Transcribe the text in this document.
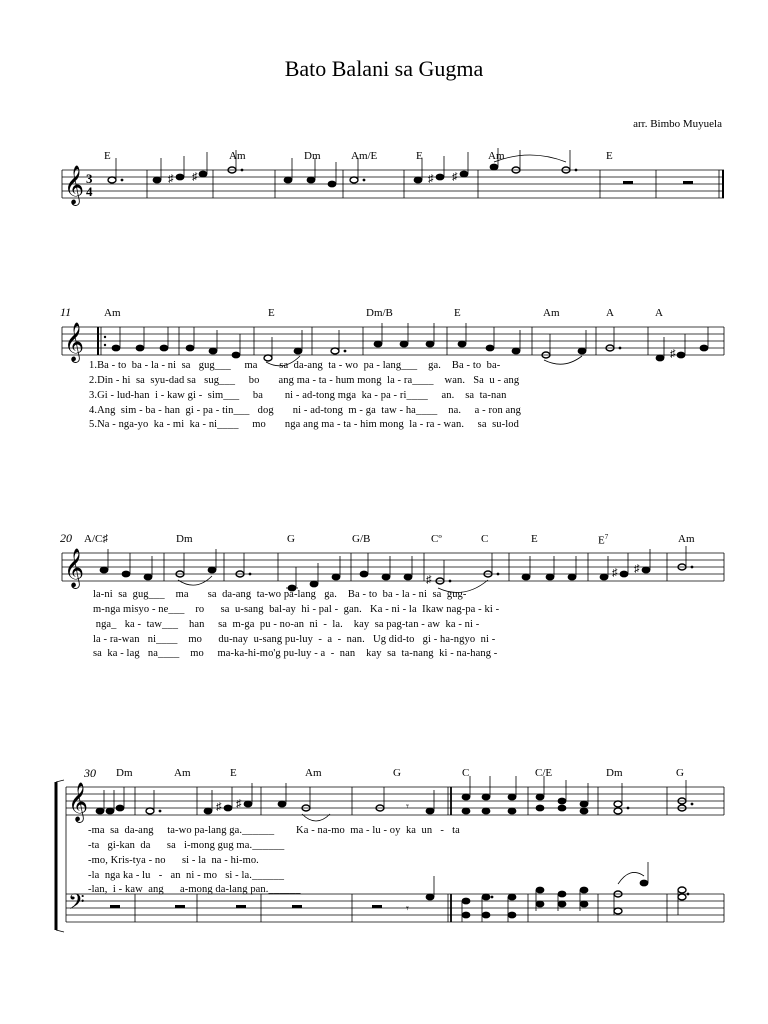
Bato Balani sa Gugma
arr. Bimbo Muyuela
E	Am	Dm	Am/E	E	Am	E
𝄞 3
4
♯ ♯	♯ ♯
11	Am	E	Dm/B	E	Am	A	A
𝄞	♯
1.Ba - to  ba - la - ni  sa   gug___     ma        sa  da-ang  ta - wo  pa - lang___    ga.    Ba - to  ba-
2.Din - hi  sa  syu-dad sa   sug___     bo       ang ma - ta - hum mong  la - ra____    wan.   Sa  u - ang
3.Gi - lud-han  i - kaw gi -  sim___     ba        ni - ad-tong mga  ka - pa - ri____     an.    sa  ta-nan
4.Ang  sim - ba - han  gi - pa - tin___   dog       ni - ad-tong  m - ga  taw - ha____    na.     a - ron ang
5.Na - nga-yo  ka - mi  ka - ni____     mo       nga ang ma - ta - him mong  la - ra - wan.     sa  su-lod
20 A/C♯	Dm	G	G/B	Cº	C	E	$E^7$	Am
𝄞	♯
♯ ♯
la-ni  sa  gug___    ma       sa  da-ang  ta-wo pa-lang   ga.    Ba - to  ba - la - ni  sa  gug-
m-nga misyo - ne___    ro      sa  u-sang  bal-ay  hi - pal -  gan.   Ka - ni - la  Ikaw nag-pa - ki -
nga_   ka -  taw___    han     sa  m-ga  pu - no-an  ni  -  la.    kay  sa pag-tan - aw  ka - ni -
la - ra-wan   ni____    mo      du-nay  u-sang pu-luy  -  a  -  nan.   Ug did-to   gi - ha-ngyo  ni -
sa  ka - lag   na____    mo     ma-ka-hi-mo'g pu-luy - a  -  nan    kay  sa  ta-nang  ki - na-hang -
30 Dm	Am	E	Am	G	C	C/E	Dm	G
𝄞
𝄢
♯ ♯	𝄾
𝄾
-ma  sa  da-ang     ta-wo pa-lang ga.______        Ka - na-mo  ma - lu - oy  ka  un   -   ta
-ta   gi-kan  da      sa   i-mong gug ma.______
-mo, Kris-tya - no      si - la  na - hi-mo.
-la  nga ka - lu   -   an  ni - mo   si - la.______
-lan,  i - kaw  ang      a-mong da-lang pan.______
